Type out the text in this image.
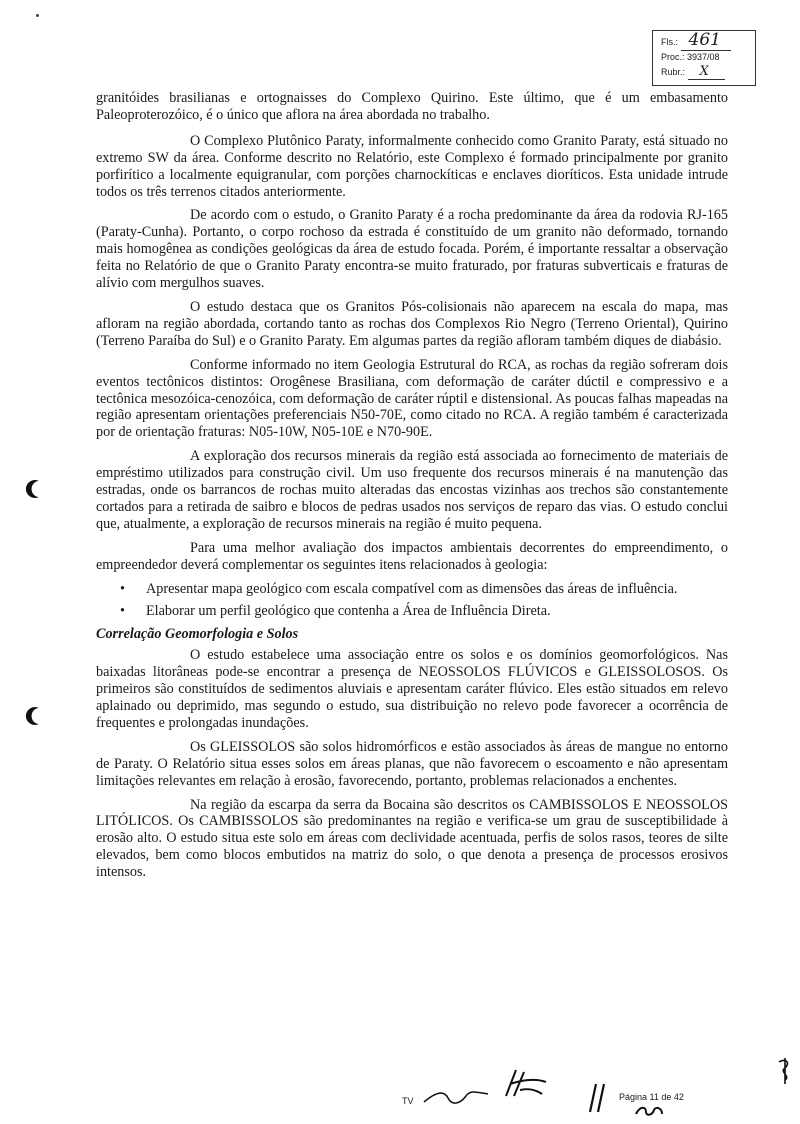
Fls.: 461
Proc.: 3937/08
Rubr.: X

granitóides brasilianas e ortognaisses do Complexo Quirino. Este último, que é um embasamento Paleoproterozóico, é o único que aflora na área abordada no trabalho.

O Complexo Plutônico Paraty, informalmente conhecido como Granito Paraty, está situado no extremo SW da área. Conforme descrito no Relatório, este Complexo é formado principalmente por granito porfirítico a localmente equigranular, com porções charnockíticas e enclaves dioríticos. Esta unidade intrude todos os três terrenos citados anteriormente.

De acordo com o estudo, o Granito Paraty é a rocha predominante da área da rodovia RJ-165 (Paraty-Cunha). Portanto, o corpo rochoso da estrada é constituído de um granito não deformado, tornando mais homogênea as condições geológicas da área de estudo focada. Porém, é importante ressaltar a observação feita no Relatório de que o Granito Paraty encontra-se muito fraturado, por fraturas subverticais e fraturas de alívio com mergulhos suaves.

O estudo destaca que os Granitos Pós-colisionais não aparecem na escala do mapa, mas afloram na região abordada, cortando tanto as rochas dos Complexos Rio Negro (Terreno Oriental), Quirino (Terreno Paraíba do Sul) e o Granito Paraty. Em algumas partes da região afloram também diques de diabásio.

Conforme informado no item Geologia Estrutural do RCA, as rochas da região sofreram dois eventos tectônicos distintos: Orogênese Brasiliana, com deformação de caráter dúctil e compressivo e a tectônica mesozóica-cenozóica, com deformação de caráter rúptil e distensional. As poucas falhas mapeadas na região apresentam orientações preferenciais N50-70E, como citado no RCA. A região também é caracterizada por de orientação fraturas: N05-10W, N05-10E e N70-90E.

A exploração dos recursos minerais da região está associada ao fornecimento de materiais de empréstimo utilizados para construção civil. Um uso frequente dos recursos minerais é na manutenção das estradas, onde os barrancos de rochas muito alteradas das encostas vizinhas aos trechos são constantemente cortados para a retirada de saibro e blocos de pedras usados nos serviços de reparo das vias. O estudo conclui que, atualmente, a exploração de recursos minerais na região é muito pequena.

Para uma melhor avaliação dos impactos ambientais decorrentes do empreendimento, o empreendedor deverá complementar os seguintes itens relacionados à geologia:

• Apresentar mapa geológico com escala compatível com as dimensões das áreas de influência.
• Elaborar um perfil geológico que contenha a Área de Influência Direta.
Correlação Geomorfologia e Solos

O estudo estabelece uma associação entre os solos e os domínios geomorfológicos. Nas baixadas litorâneas pode-se encontrar a presença de NEOSSOLOS FLÚVICOS e GLEISSOLOSOS. Os primeiros são constituídos de sedimentos aluviais e apresentam caráter flúvico. Eles estão situados em relevo aplainado ou deprimido, mas segundo o estudo, sua distribuição no relevo pode favorecer a ocorrência de frequentes e prolongadas inundações.

Os GLEISSOLOS são solos hidromórficos e estão associados às áreas de mangue no entorno de Paraty. O Relatório situa esses solos em áreas planas, que não favorecem o escoamento e não apresentam limitações relevantes em relação à erosão, favorecendo, portanto, problemas relacionados a enchentes.

Na região da escarpa da serra da Bocaina são descritos os CAMBISSOLOS E NEOSSOLOS LITÓLICOS. Os CAMBISSOLOS são predominantes na região e verifica-se um grau de susceptibilidade à erosão alto. O estudo situa este solo em áreas com declividade acentuada, perfis de solos rasos, teores de silte elevados, bem como blocos embutidos na matriz do solo, o que denota a presença de processos erosivos intensos.

TV	Página 11 de 42
